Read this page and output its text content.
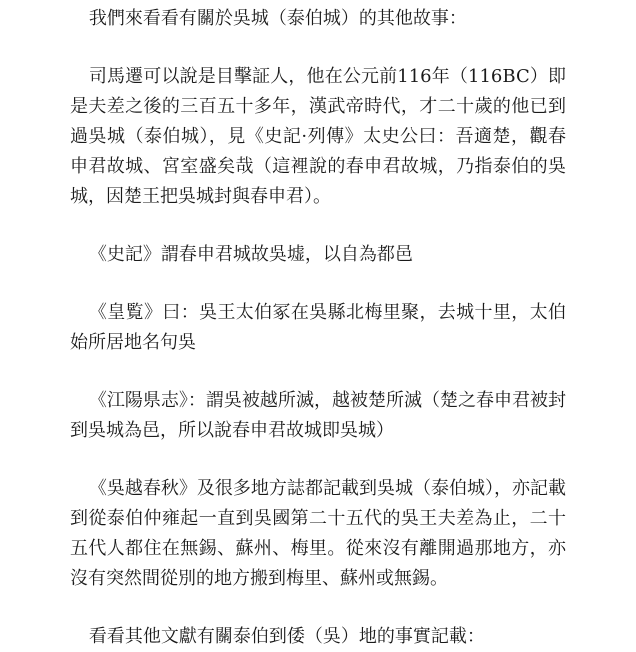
我們來看看有關於吳城（泰伯城）的其他故事：

司馬遷可以說是目擊証人，他在公元前116年（116BC）即是夫差之後的三百五十多年，漢武帝時代，才二十歲的他已到過吳城（泰伯城），見《史記·列傳》太史公曰：吾適楚，觀春申君故城、宮室盛矣哉（這裡說的春申君故城，乃指泰伯的吳城，因楚王把吳城封與春申君）。

《史記》謂春申君城故吳墟，以自為都邑

《皇覧》曰：吳王太伯冢在吳縣北梅里聚，去城十里，太伯始所居地名句吳

《江陽県志》：謂吳被越所滅，越被楚所滅（楚之春申君被封到吳城為邑，所以說春申君故城即吳城）

《吳越春秋》及很多地方誌都記載到吳城（泰伯城），亦記載到從泰伯仲雍起一直到吳國第二十五代的吳王夫差為止，二十五代人都住在無錫、蘇州、梅里。從來沒有離開過那地方，亦沒有突然間從別的地方搬到梅里、蘇州或無錫。

看看其他文獻有關泰伯到倭（吳）地的事實記載：
